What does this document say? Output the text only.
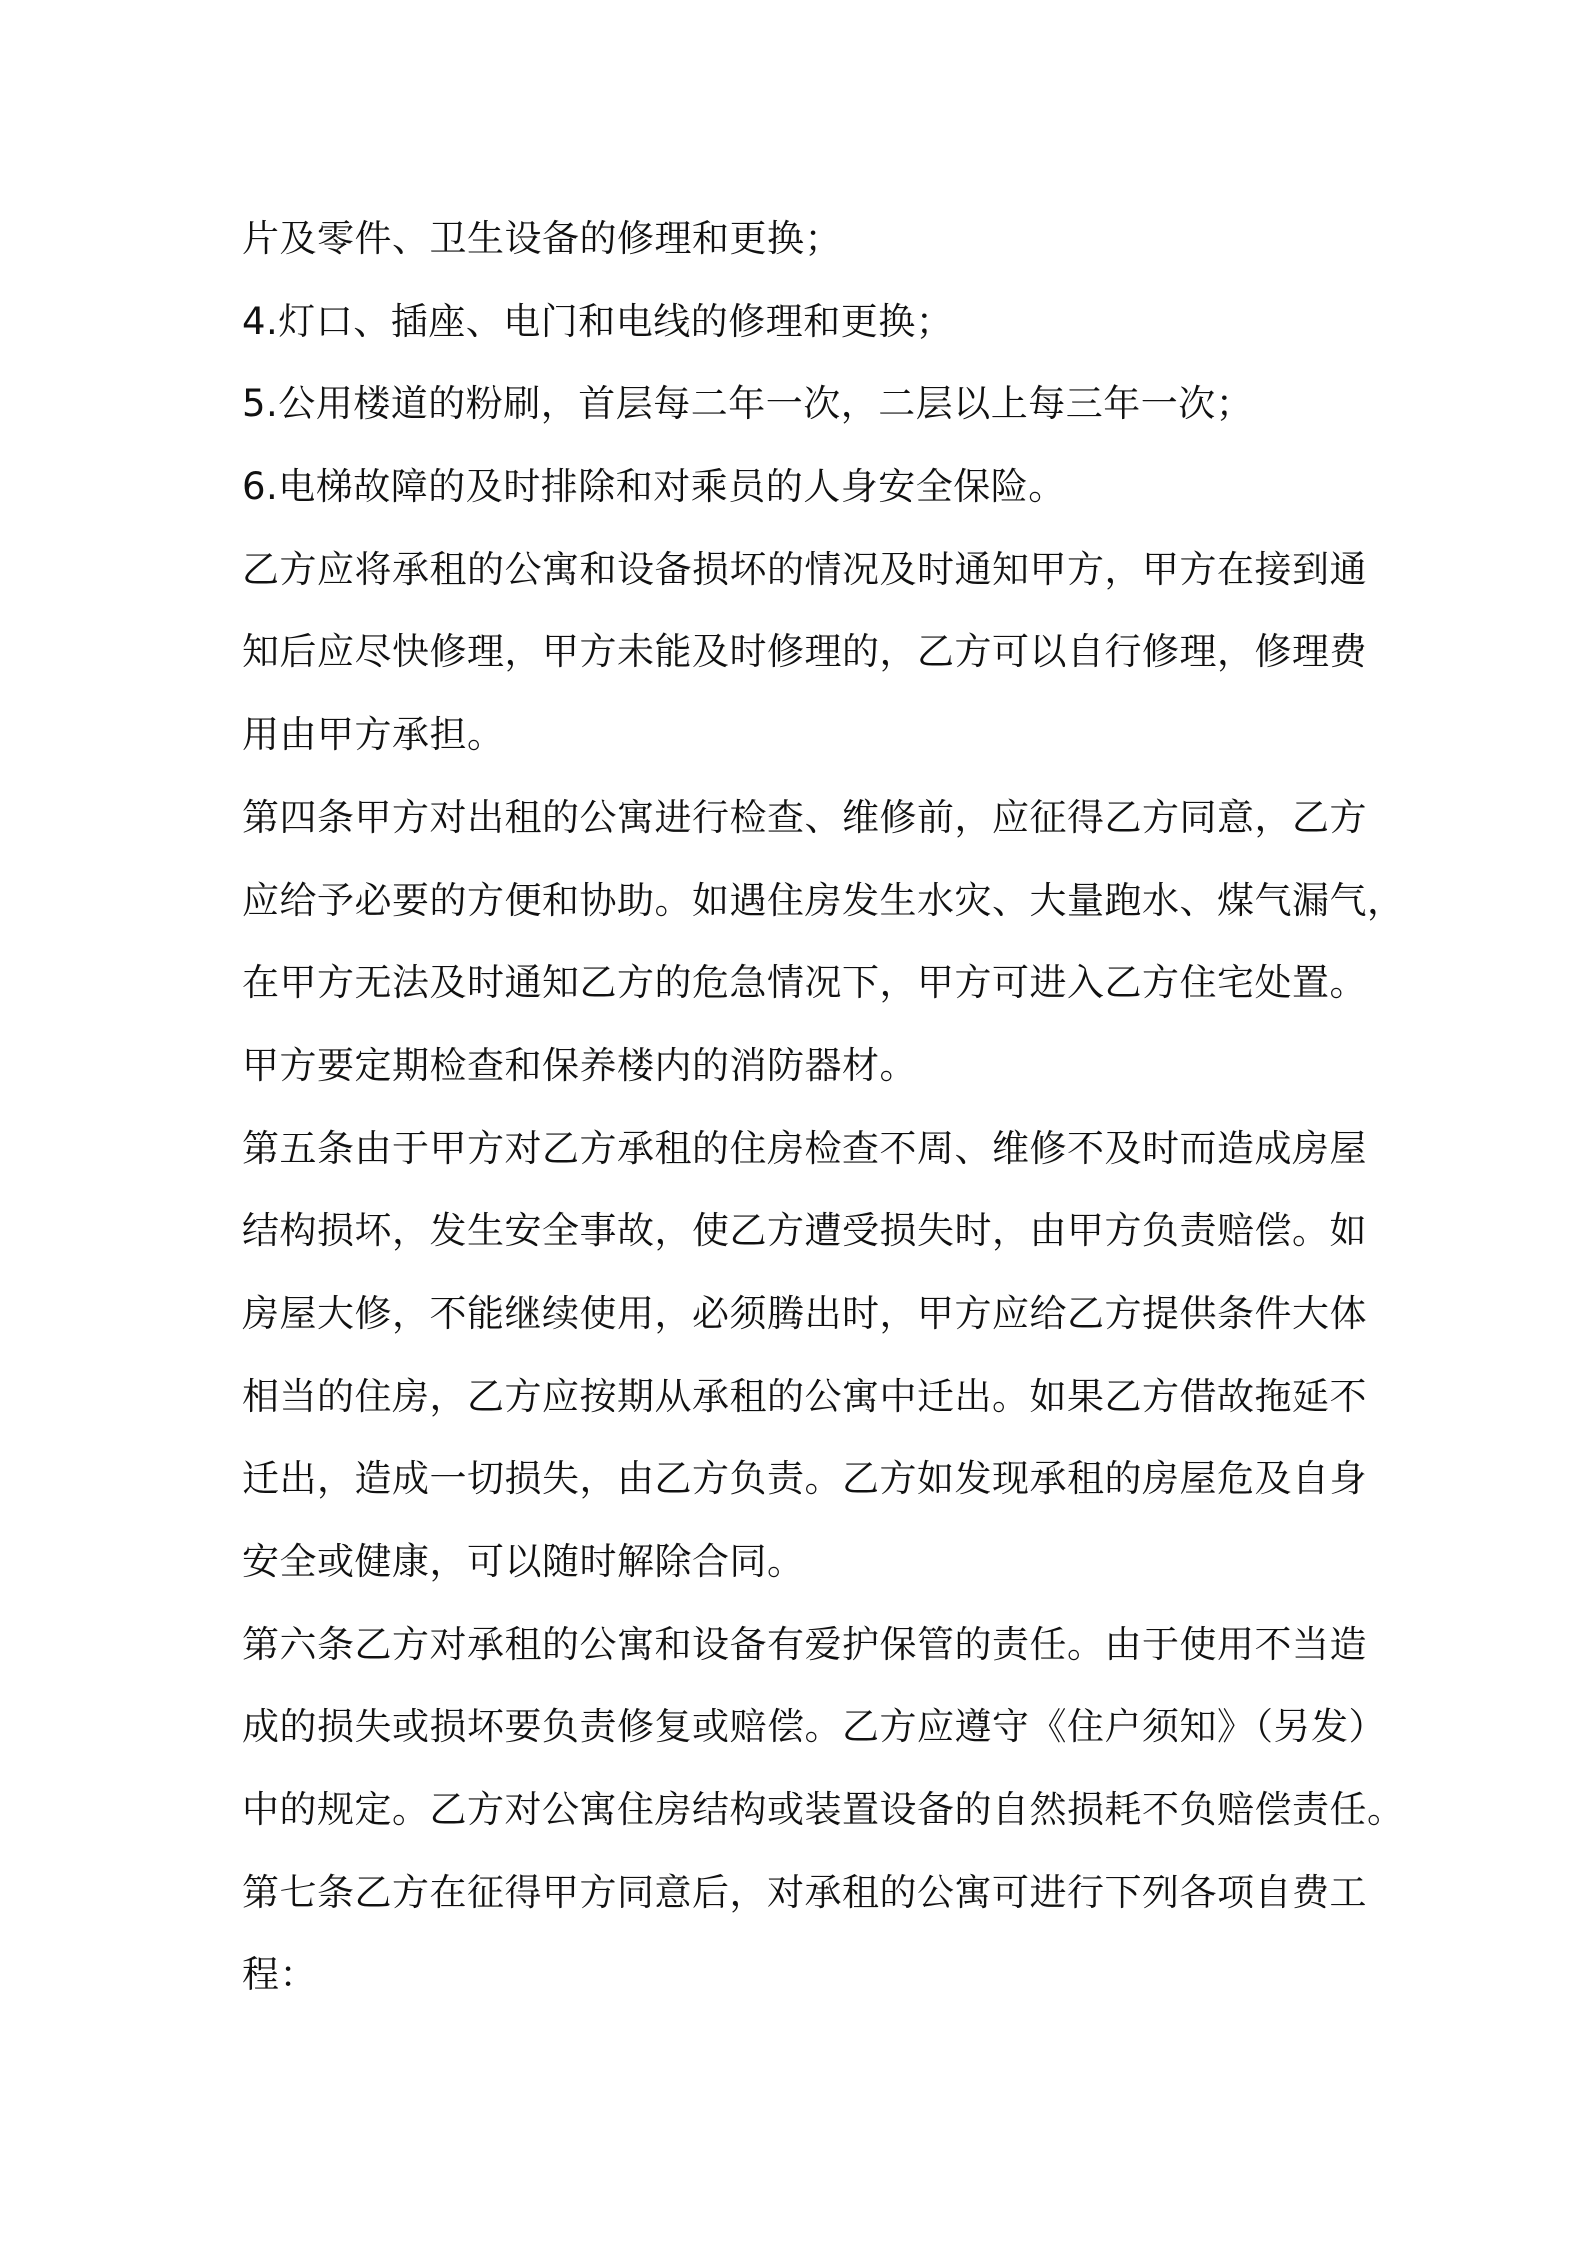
片及零件、卫生设备的修理和更换；
4.灯口、插座、电门和电线的修理和更换；
5.公用楼道的粉刷，首层每二年一次，二层以上每三年一次；
6.电梯故障的及时排除和对乘员的人身安全保险。
乙方应将承租的公寓和设备损坏的情况及时通知甲方，甲方在接到通
知后应尽快修理，甲方未能及时修理的，乙方可以自行修理，修理费
用由甲方承担。
第四条甲方对出租的公寓进行检查、维修前，应征得乙方同意，乙方
应给予必要的方便和协助。如遇住房发生水灾、大量跑水、煤气漏气，
在甲方无法及时通知乙方的危急情况下，甲方可进入乙方住宅处置。
甲方要定期检查和保养楼内的消防器材。
第五条由于甲方对乙方承租的住房检查不周、维修不及时而造成房屋
结构损坏，发生安全事故，使乙方遭受损失时，由甲方负责赔偿。如
房屋大修，不能继续使用，必须腾出时，甲方应给乙方提供条件大体
相当的住房，乙方应按期从承租的公寓中迁出。如果乙方借故拖延不
迁出，造成一切损失，由乙方负责。乙方如发现承租的房屋危及自身
安全或健康，可以随时解除合同。
第六条乙方对承租的公寓和设备有爱护保管的责任。由于使用不当造
成的损失或损坏要负责修复或赔偿。乙方应遵守《住户须知》（另发）
中的规定。乙方对公寓住房结构或装置设备的自然损耗不负赔偿责任。
第七条乙方在征得甲方同意后，对承租的公寓可进行下列各项自费工
程：
